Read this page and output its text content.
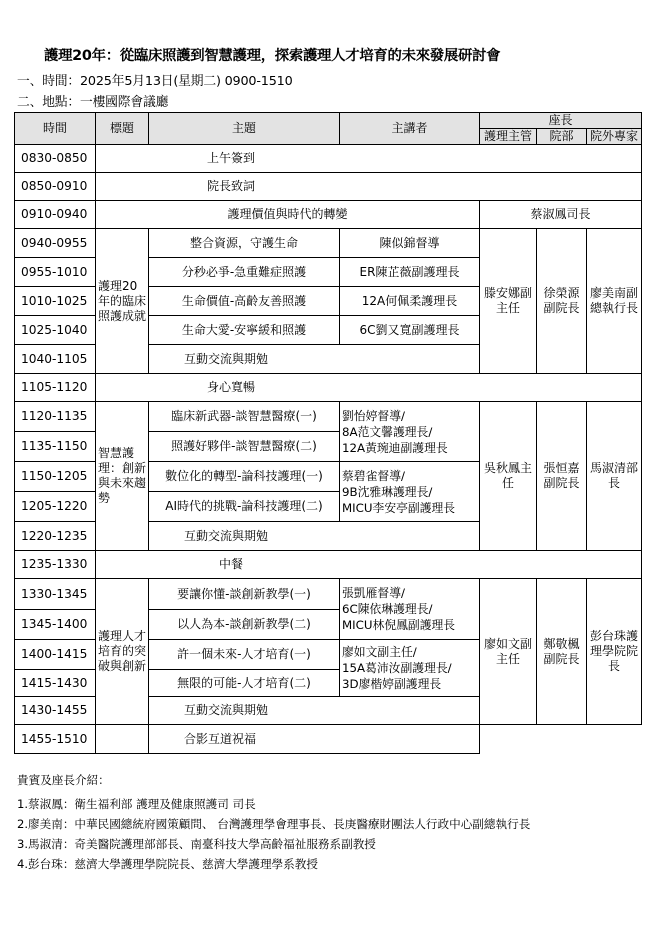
護理20年：從臨床照護到智慧護理，探索護理人才培育的未來發展研討會
一、時間：2025年5月13日(星期二) 0900-1510
二、地點：一樓國際會議廳
時間	標題	主題	主講者	座長		
				護理主管	院部	院外專家
0830-0850	上午簽到					
0850-0910	院長致詞					
0910-0940	護理價值與時代的轉變			蔡淑鳳司長		
0940-0955	護理20年的臨床照護成就	整合資源，守護生命	陳似錦督導	滕安娜副主任	徐榮源副院長	廖美南副總執行長
0955-1010		分秒必爭-急重難症照護	ER陳芷薇副護理長			
1010-1025		生命價值-高齡友善照護	12A何佩柔護理長			
1025-1040		生命大愛-安寧緩和照護	6C劉又寬副護理長			
1040-1105		互動交流與期勉				
1105-1120	身心寬暢					
1120-1135	智慧護理：創新與未來趨勢	臨床新武器-談智慧醫療(一)	劉怡婷督導/
8A范文馨護理長/
12A黃琬迪副護理長	吳秋鳳主任	張恒嘉副院長	馬淑清部長
1135-1150		照護好夥伴-談智慧醫療(二)				
1150-1205		數位化的轉型-論科技護理(一)	蔡碧雀督導/
9B沈雅琳護理長/
MICU李安亭副護理長			

1205-1220		AI時代的挑戰-論科技護理(二)				
1220-1235		互動交流與期勉				
1235-1330	中餐					
1330-1345	護理人才培育的突破與創新	要讓你懂-談創新教學(一)	張凱雁督導/
6C陳依琳護理長/
MICU林倪鳳副護理長	廖如文副主任	鄭敬楓副院長	彭台珠護理學院院長
1345-1400		以人為本-談創新教學(二)				
1400-1415		許一個未來-人才培育(一)	廖如文副主任/
15A葛沛汝副護理長/
3D廖楷婷副護理長			

1415-1430		無限的可能-人才培育(二)				
1430-1455		互動交流與期勉				
1455-1510		合影互道祝福				
貴賓及座長介紹：
1.蔡淑鳳：衛生福利部 護理及健康照護司 司長
2.廖美南：中華民國總統府國策顧問、 台灣護理學會理事長、長庚醫療財團法人行政中心副總執行長
3.馬淑清：奇美醫院護理部部長、南臺科技大學高齡福祉服務系副教授
4.彭台珠：慈濟大學護理學院院長、慈濟大學護理學系教授
